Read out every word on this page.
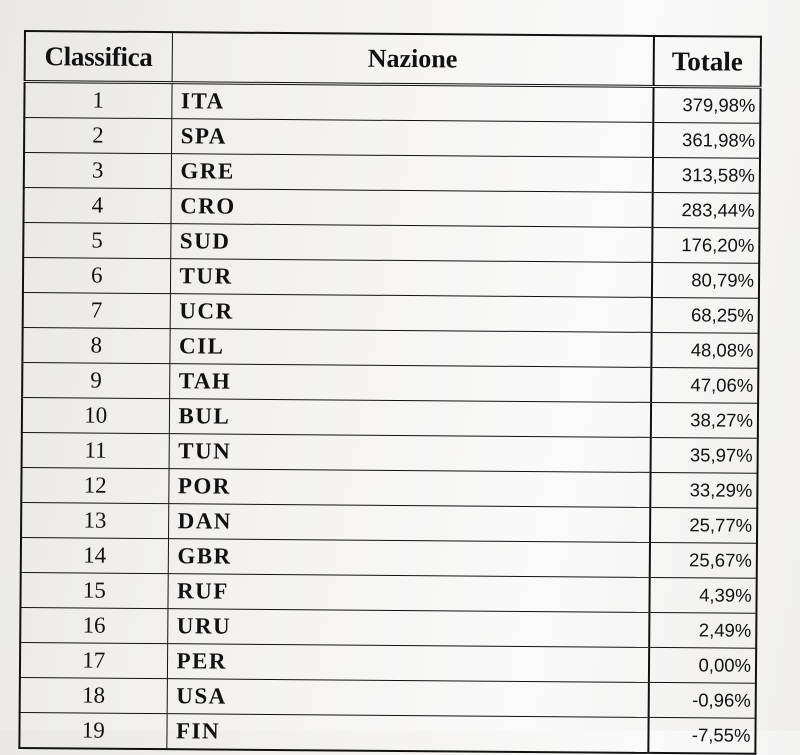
Classifica	Nazione	Totale
1	ITA	379,98%
2	SPA	361,98%
3	GRE	313,58%
4	CRO	283,44%
5	SUD	176,20%
6	TUR	80,79%
7	UCR	68,25%
8	CIL	48,08%
9	TAH	47,06%
10	BUL	38,27%
11	TUN	35,97%
12	POR	33,29%
13	DAN	25,77%
14	GBR	25,67%
15	RUF	4,39%
16	URU	2,49%
17	PER	0,00%
18	USA	-0,96%
19	FIN	-7,55%
